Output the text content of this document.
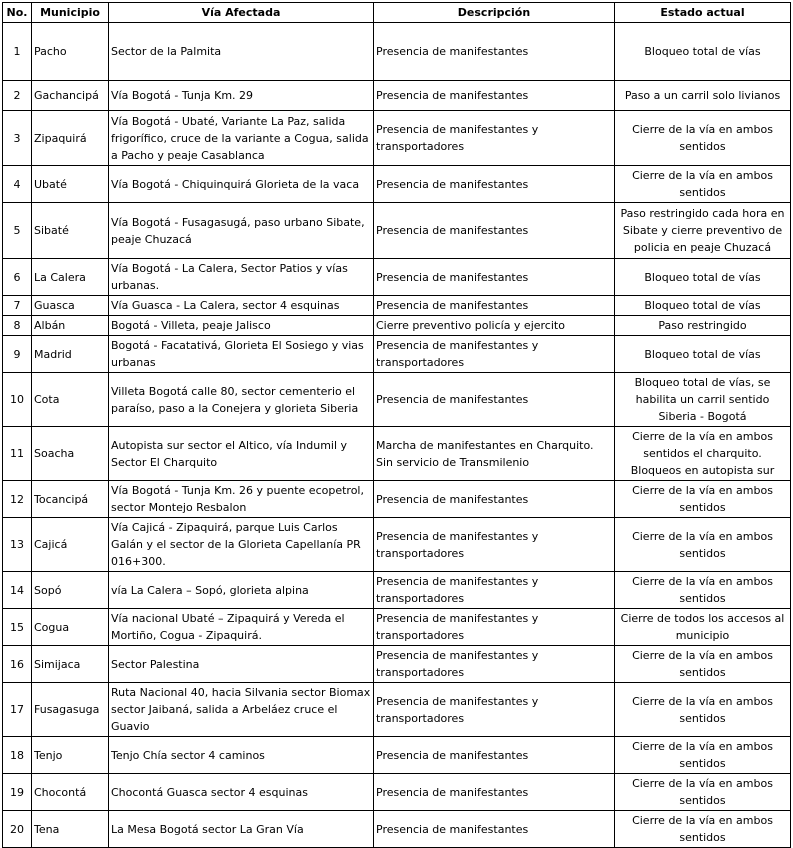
No.	Municipio	Vía Afectada	Descripción	Estado actual
1	Pacho	Sector de la Palmita	Presencia de manifestantes	Bloqueo total de vías
2	Gachancipá	Vía Bogotá - Tunja Km. 29	Presencia de manifestantes	Paso a un carril solo livianos
3	Zipaquirá	Vía Bogotá - Ubaté, Variante La Paz, salida frigorífico, cruce de la variante a Cogua, salida a Pacho y peaje Casablanca	Presencia de manifestantes y transportadores	Cierre de la vía en ambos sentidos
4	Ubaté	Vía Bogotá - Chiquinquirá Glorieta de la vaca	Presencia de manifestantes	Cierre de la vía en ambos sentidos
5	Sibaté	Vía Bogotá - Fusagasugá, paso urbano Sibate, peaje Chuzacá	Presencia de manifestantes	Paso restringido cada hora en Sibate y cierre preventivo de policia en peaje Chuzacá
6	La Calera	Vía Bogotá - La Calera, Sector Patios y vías urbanas.	Presencia de manifestantes	Bloqueo total de vías
7	Guasca	Vía Guasca - La Calera, sector 4 esquinas	Presencia de manifestantes	Bloqueo total de vías
8	Albán	Bogotá - Villeta, peaje Jalisco	Cierre preventivo policía y ejercito	Paso restringido
9	Madrid	Bogotá - Facatativá, Glorieta El Sosiego y vias urbanas	Presencia de manifestantes y transportadores	Bloqueo total de vías
10	Cota	Villeta Bogotá calle 80, sector cementerio el paraíso, paso a la Conejera y glorieta Siberia	Presencia de manifestantes	Bloqueo total de vías, se habilita un carril sentido Siberia - Bogotá
11	Soacha	Autopista sur sector el Altico, vía Indumil y Sector El Charquito	Marcha de manifestantes en Charquito. Sin servicio de Transmilenio	Cierre de la vía en ambos sentidos el charquito. Bloqueos en autopista sur
12	Tocancipá	Vía Bogotá - Tunja Km. 26 y puente ecopetrol, sector Montejo Resbalon	Presencia de manifestantes	Cierre de la vía en ambos sentidos
13	Cajicá	Vía Cajicá - Zipaquirá, parque Luis Carlos Galán y el sector de la Glorieta Capellanía PR 016+300.	Presencia de manifestantes y transportadores	Cierre de la vía en ambos sentidos
14	Sopó	vía La Calera – Sopó, glorieta alpina	Presencia de manifestantes y transportadores	Cierre de la vía en ambos sentidos
15	Cogua	Vía nacional Ubaté – Zipaquirá y Vereda el Mortiño, Cogua - Zipaquirá.	Presencia de manifestantes y transportadores	Cierre de todos los accesos al municipio
16	Simijaca	Sector Palestina	Presencia de manifestantes y transportadores	Cierre de la vía en ambos sentidos
17	Fusagasuga	Ruta Nacional 40, hacia Silvania sector Biomax sector Jaibaná, salida a Arbeláez cruce el Guavio	Presencia de manifestantes y transportadores	Cierre de la vía en ambos sentidos
18	Tenjo	Tenjo Chía sector 4 caminos	Presencia de manifestantes	Cierre de la vía en ambos sentidos
19	Chocontá	Chocontá Guasca sector 4 esquinas	Presencia de manifestantes	Cierre de la vía en ambos sentidos
20	Tena	La Mesa Bogotá sector La Gran Vía	Presencia de manifestantes	Cierre de la vía en ambos sentidos
